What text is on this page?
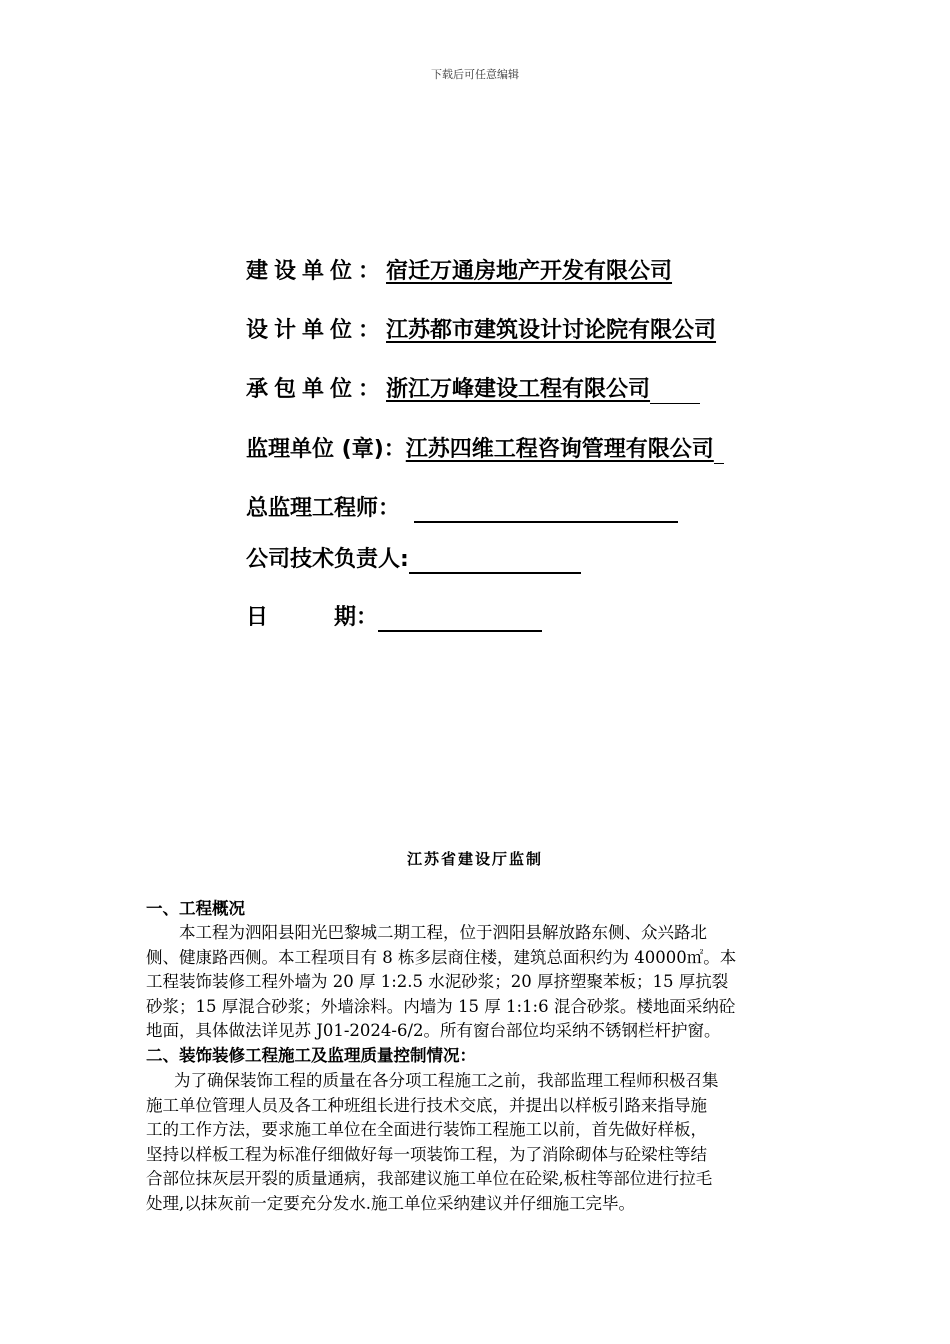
下载后可任意编辑
建设单位：宿迁万通房地产开发有限公司
设计单位：江苏都市建筑设计讨论院有限公司
承包单位：浙江万峰建设工程有限公司
监理单位 (章)：江苏四维工程咨询管理有限公司
总监理工程师：
公司技术负责人:
日	期：
江苏省建设厅监制
一、工程概况
本工程为泗阳县阳光巴黎城二期工程，位于泗阳县解放路东侧、众兴路北
侧、健康路西侧。本工程项目有 8 栋多层商住楼，建筑总面积约为 40000㎡。本
工程装饰装修工程外墙为 20 厚 1:2.5 水泥砂浆；20 厚挤塑聚苯板；15 厚抗裂
砂浆；15 厚混合砂浆；外墙涂料。内墙为 15 厚 1:1:6 混合砂浆。楼地面采纳砼
地面，具体做法详见苏 J01-2024-6/2。所有窗台部位均采纳不锈钢栏杆护窗。
二、装饰装修工程施工及监理质量控制情况：
为了确保装饰工程的质量在各分项工程施工之前，我部监理工程师积极召集
施工单位管理人员及各工种班组长进行技术交底，并提出以样板引路来指导施
工的工作方法，要求施工单位在全面进行装饰工程施工以前，首先做好样板，
坚持以样板工程为标准仔细做好每一项装饰工程，为了消除砌体与砼梁柱等结
合部位抹灰层开裂的质量通病，我部建议施工单位在砼梁,板柱等部位进行拉毛
处理,以抹灰前一定要充分发水.施工单位采纳建议并仔细施工完毕。
